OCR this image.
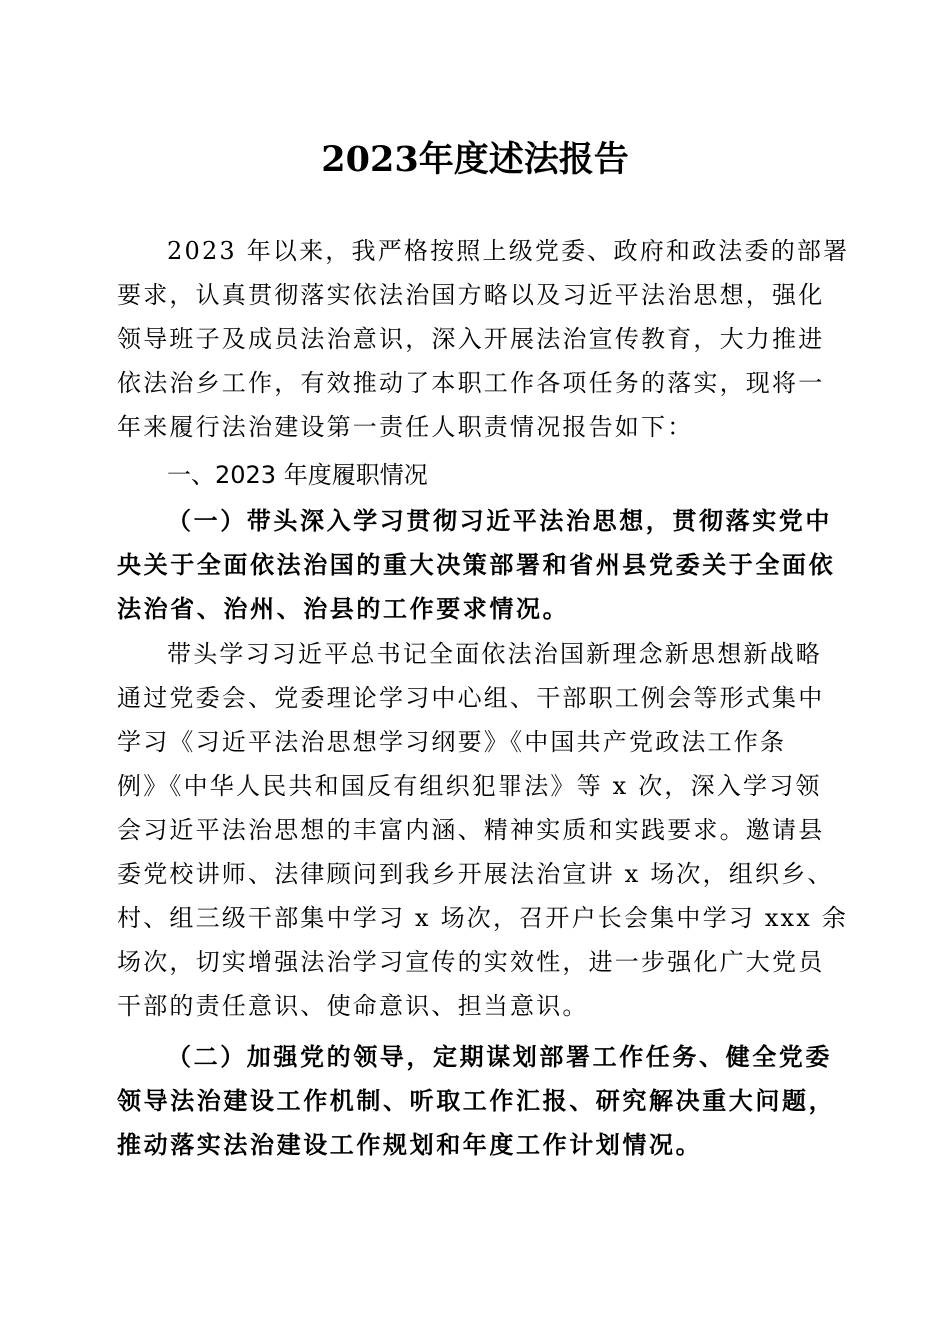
2023年度述法报告
2023 年以来，我严格按照上级党委、政府和政法委的部署
要求，认真贯彻落实依法治国方略以及习近平法治思想，强化
领导班子及成员法治意识，深入开展法治宣传教育，大力推进
依法治乡工作，有效推动了本职工作各项任务的落实，现将一
年来履行法治建设第一责任人职责情况报告如下：
一、2023 年度履职情况
（一）带头深入学习贯彻习近平法治思想，贯彻落实党中
央关于全面依法治国的重大决策部署和省州县党委关于全面依
法治省、治州、治县的工作要求情况。
带头学习习近平总书记全面依法治国新理念新思想新战略
通过党委会、党委理论学习中心组、干部职工例会等形式集中
学习《习近平法治思想学习纲要》《中国共产党政法工作条
例》《中华人民共和国反有组织犯罪法》等 x 次，深入学习领
会习近平法治思想的丰富内涵、精神实质和实践要求。邀请县
委党校讲师、法律顾问到我乡开展法治宣讲 x 场次，组织乡、
村、组三级干部集中学习 x 场次，召开户长会集中学习 xxx 余
场次，切实增强法治学习宣传的实效性，进一步强化广大党员
干部的责任意识、使命意识、担当意识。
（二）加强党的领导，定期谋划部署工作任务、健全党委
领导法治建设工作机制、听取工作汇报、研究解决重大问题，
推动落实法治建设工作规划和年度工作计划情况。
